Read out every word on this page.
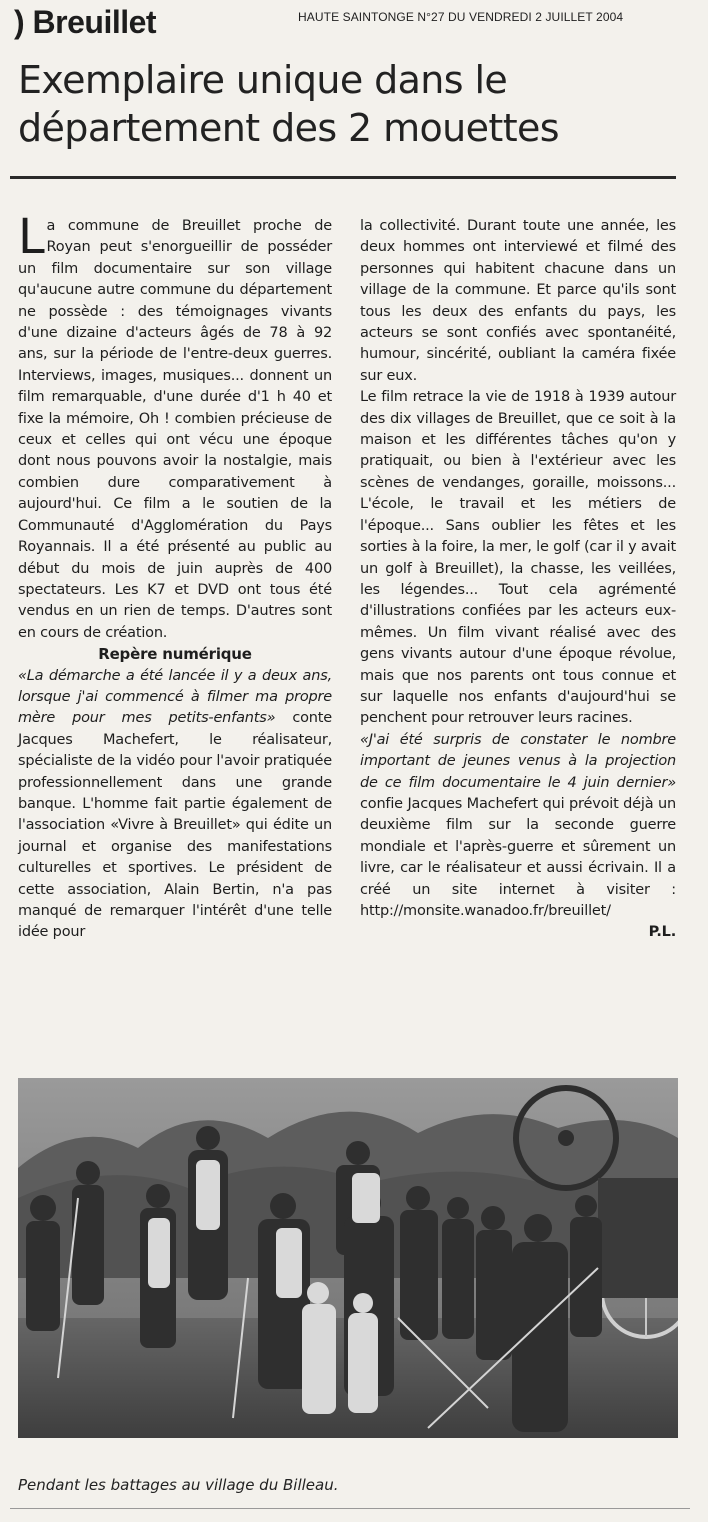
) Breuillet	HAUTE SAINTONGE N°27 DU VENDREDI 2 JUILLET 2004
Exemplaire unique dans le département des 2 mouettes

La commune de Breuillet proche de Royan peut s'enorgueillir de posséder un film documentaire sur son village qu'aucune autre commune du département ne possède : des témoignages vivants d'une dizaine d'acteurs âgés de 78 à 92 ans, sur la période de l'entre-deux guerres. Interviews, images, musiques... donnent un film remarquable, d'une durée d'1 h 40 et fixe la mémoire, Oh ! combien précieuse de ceux et celles qui ont vécu une époque dont nous pouvons avoir la nostalgie, mais combien dure comparativement à aujourd'hui. Ce film a le soutien de la Communauté d'Agglomération du Pays Royannais. Il a été présenté au public au début du mois de juin auprès de 400 spectateurs. Les K7 et DVD ont tous été vendus en un rien de temps. D'autres sont en cours de création.

Repère numérique

«La démarche a été lancée il y a deux ans, lorsque j'ai commencé à filmer ma propre mère pour mes petits-enfants» conte Jacques Machefert, le réalisateur, spécialiste de la vidéo pour l'avoir pratiquée professionnellement dans une grande banque. L'homme fait partie également de l'association «Vivre à Breuillet» qui édite un journal et organise des manifestations culturelles et sportives. Le président de cette association, Alain Bertin, n'a pas manqué de remarquer l'intérêt d'une telle idée pour

la collectivité. Durant toute une année, les deux hommes ont interviewé et filmé des personnes qui habitent chacune dans un village de la commune. Et parce qu'ils sont tous les deux des enfants du pays, les acteurs se sont confiés avec spontanéité, humour, sincérité, oubliant la caméra fixée sur eux.

Le film retrace la vie de 1918 à 1939 autour des dix villages de Breuillet, que ce soit à la maison et les différentes tâches qu'on y pratiquait, ou bien à l'extérieur avec les scènes de vendanges, goraille, moissons... L'école, le travail et les métiers de l'époque... Sans oublier les fêtes et les sorties à la foire, la mer, le golf (car il y avait un golf à Breuillet), la chasse, les veillées, les légendes... Tout cela agrémenté d'illustrations confiées par les acteurs eux-mêmes. Un film vivant réalisé avec des gens vivants autour d'une époque révolue, mais que nos parents ont tous connue et sur laquelle nos enfants d'aujourd'hui se penchent pour retrouver leurs racines.

«J'ai été surpris de constater le nombre important de jeunes venus à la projection de ce film documentaire le 4 juin dernier» confie Jacques Machefert qui prévoit déjà un deuxième film sur la seconde guerre mondiale et l'après-guerre et sûrement un livre, car le réalisateur et aussi écrivain. Il a créé un site internet à visiter : http://monsite.wanadoo.fr/breuillet/

P.L.

Pendant les battages au village du Billeau.
